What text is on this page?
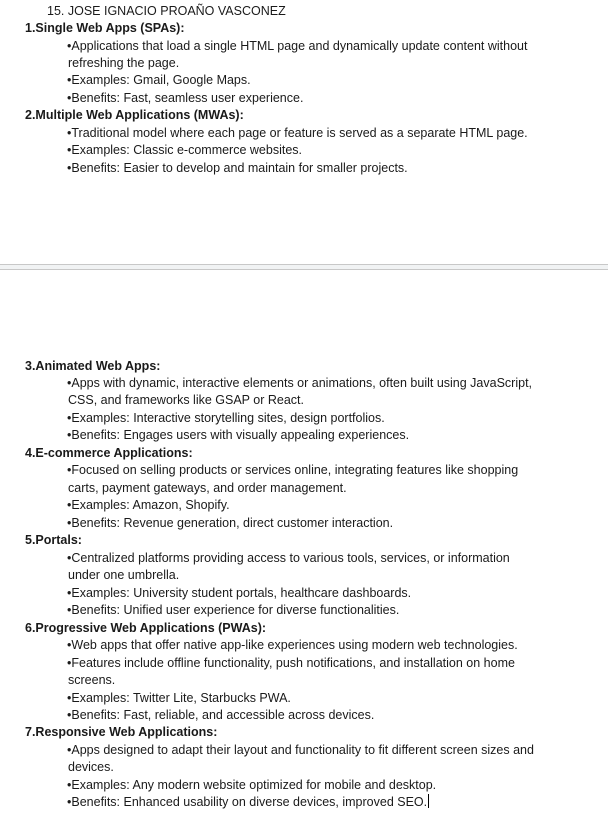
15. JOSE IGNACIO PROAÑO VASCONEZ
1.Single Web Apps (SPAs):
•Applications that load a single HTML page and dynamically update content without
refreshing the page.
•Examples: Gmail, Google Maps.
•Benefits: Fast, seamless user experience.
2.Multiple Web Applications (MWAs):
•Traditional model where each page or feature is served as a separate HTML page.
•Examples: Classic e-commerce websites.
•Benefits: Easier to develop and maintain for smaller projects.
3.Animated Web Apps:
•Apps with dynamic, interactive elements or animations, often built using JavaScript,
CSS, and frameworks like GSAP or React.
•Examples: Interactive storytelling sites, design portfolios.
•Benefits: Engages users with visually appealing experiences.
4.E-commerce Applications:
•Focused on selling products or services online, integrating features like shopping
carts, payment gateways, and order management.
•Examples: Amazon, Shopify.
•Benefits: Revenue generation, direct customer interaction.
5.Portals:
•Centralized platforms providing access to various tools, services, or information
under one umbrella.
•Examples: University student portals, healthcare dashboards.
•Benefits: Unified user experience for diverse functionalities.
6.Progressive Web Applications (PWAs):
•Web apps that offer native app-like experiences using modern web technologies.
•Features include offline functionality, push notifications, and installation on home
screens.
•Examples: Twitter Lite, Starbucks PWA.
•Benefits: Fast, reliable, and accessible across devices.
7.Responsive Web Applications:
•Apps designed to adapt their layout and functionality to fit different screen sizes and
devices.
•Examples: Any modern website optimized for mobile and desktop.
•Benefits: Enhanced usability on diverse devices, improved SEO.
